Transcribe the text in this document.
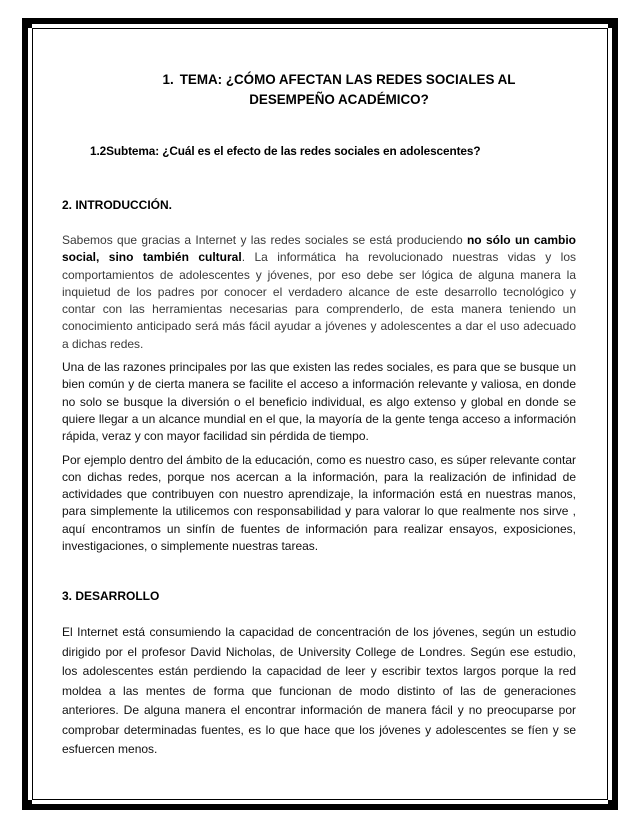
1. TEMA: ¿CÓMO AFECTAN LAS REDES SOCIALES AL
DESEMPEÑO ACADÉMICO?
1.2Subtema: ¿Cuál es el efecto de las redes sociales en adolescentes?
2. INTRODUCCIÓN.

Sabemos que gracias a Internet y las redes sociales se está produciendo no sólo un cambio social, sino también cultural. La informática ha revolucionado nuestras vidas y los comportamientos de adolescentes y jóvenes, por eso debe ser lógica de alguna manera la inquietud de los padres por conocer el verdadero alcance de este desarrollo tecnológico y contar con las herramientas necesarias para comprenderlo, de esta manera teniendo un conocimiento anticipado será más fácil ayudar a jóvenes y adolescentes a dar el uso adecuado a dichas redes.

Una de las razones principales por las que existen las redes sociales, es para que se busque un bien común y de cierta manera se facilite el acceso a información relevante y valiosa, en donde no solo se busque la diversión o el beneficio individual, es algo extenso y global en donde se quiere llegar a un alcance mundial en el que, la mayoría de la gente tenga acceso a información rápida, veraz y con mayor facilidad sin pérdida de tiempo.

Por ejemplo dentro del ámbito de la educación, como es nuestro caso, es súper relevante contar con dichas redes, porque nos acercan a la información, para la realización de infinidad de actividades que contribuyen con nuestro aprendizaje, la información está en nuestras manos, para simplemente la utilicemos con responsabilidad y para valorar lo que realmente nos sirve , aquí encontramos un sinfín de fuentes de información para realizar ensayos, exposiciones, investigaciones, o simplemente nuestras tareas.

3. DESARROLLO

El Internet está consumiendo la capacidad de concentración de los jóvenes, según un estudio dirigido por el profesor David Nicholas, de University College de Londres. Según ese estudio, los adolescentes están perdiendo la capacidad de leer y escribir textos largos porque la red moldea a las mentes de forma que funcionan de modo distinto of las de generaciones anteriores. De alguna manera el encontrar información de manera fácil y no preocuparse por comprobar determinadas fuentes, es lo que hace que los jóvenes y adolescentes se fíen y se esfuercen menos.
